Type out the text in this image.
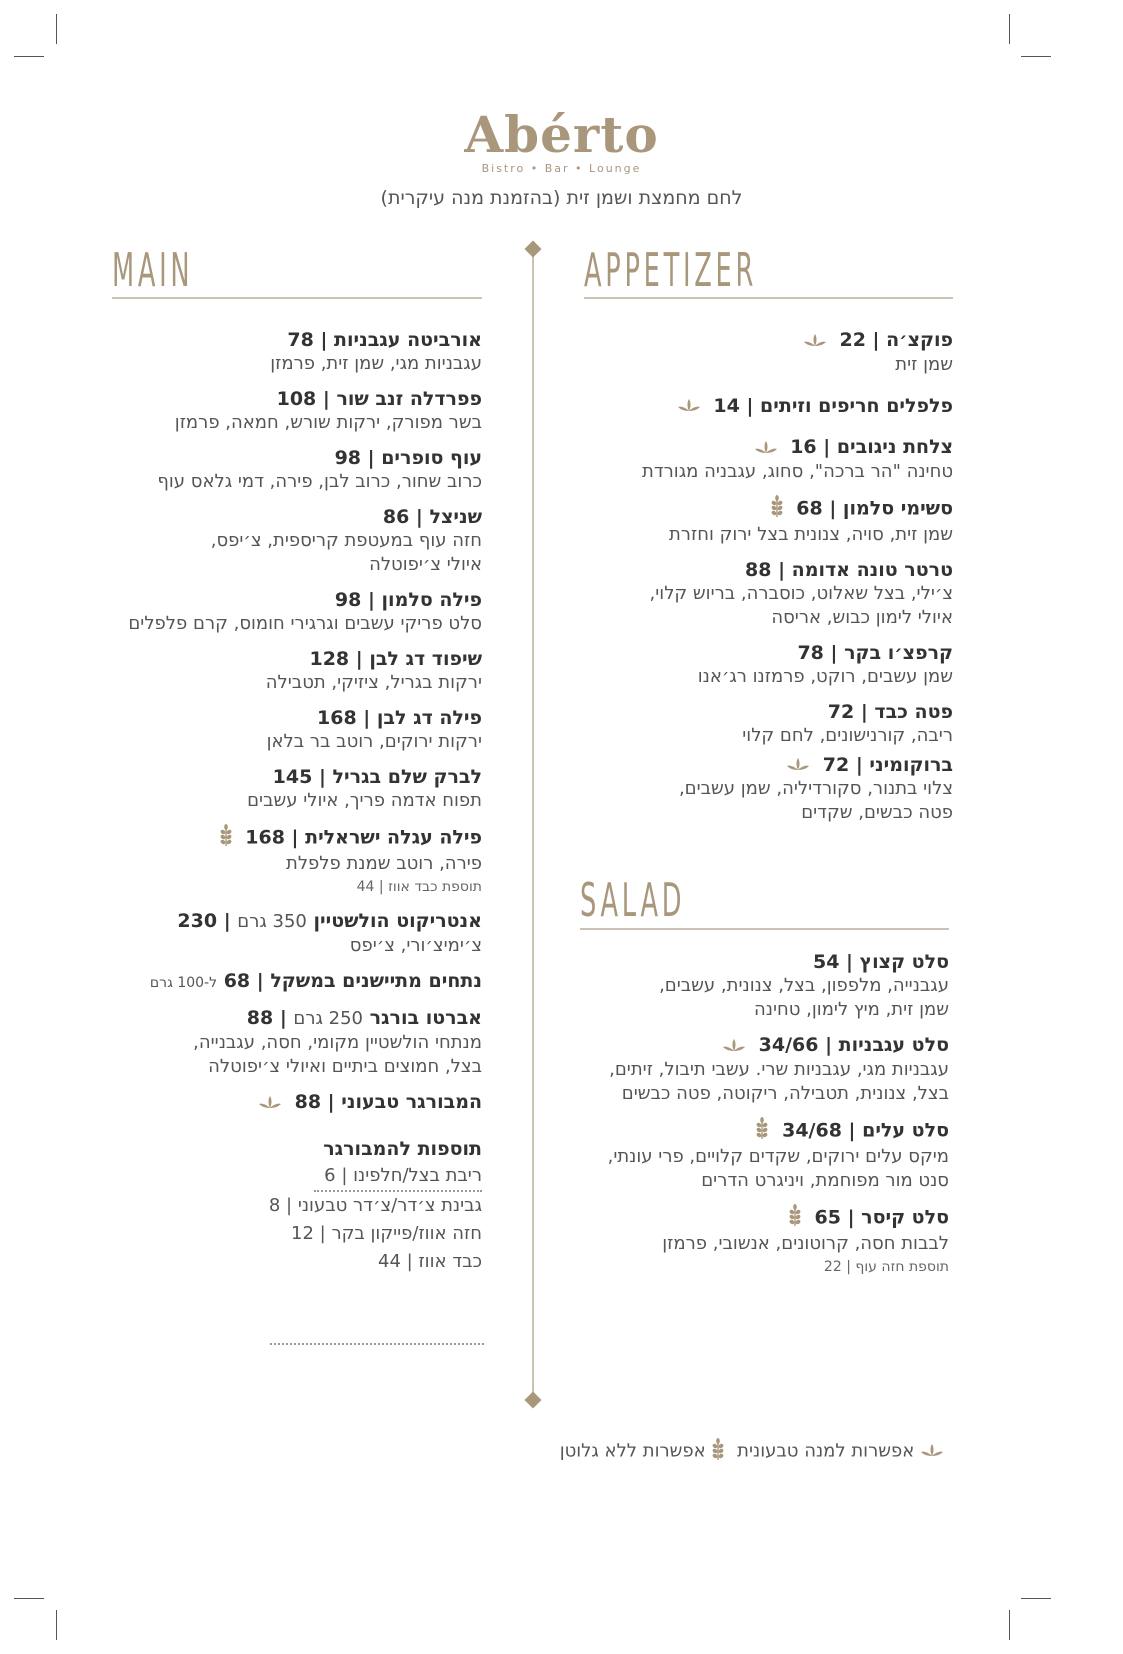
Abérto
Bistro • Bar • Lounge
לחם מחמצת ושמן זית (בהזמנת מנה עיקרית)
MAIN	APPETIZER
SALAD
אורביטה עגבניות | 78
עגבניות מגי, שמן זית, פרמזן
פפרדלה זנב שור | 108
בשר מפורק, ירקות שורש, חמאה, פרמזן
עוף סופרים | 98
כרוב שחור, כרוב לבן, פירה, דמי גלאס עוף
שניצל | 86
חזה עוף במעטפת קריספית, צ׳יפס,
איולי צ׳יפוטלה
פילה סלמון | 98
סלט פריקי עשבים וגרגירי חומוס, קרם פלפלים
שיפוד דג לבן | 128
ירקות בגריל, ציזיקי, תטבילה
פילה דג לבן | 168
ירקות ירוקים, רוטב בר בלאן
לברק שלם בגריל | 145
תפוח אדמה פריך, איולי עשבים
פילה עגלה ישראלית | 168
פירה, רוטב שמנת פלפלת
תוספת כבד אווז | 44
אנטריקוט הולשטיין 350 גרם | 230
צ׳ימיצ׳ורי, צ׳יפס
נתחים מתיישנים במשקל | 68 ל-100 גרם
אברטו בורגר 250 גרם | 88
מנתחי הולשטיין מקומי, חסה, עגבנייה,
בצל, חמוצים ביתיים ואיולי צ׳יפוטלה
המבורגר טבעוני | 88
תוספות להמבורגר
ריבת בצל/חלפינו | 6
גבינת צ׳דר/צ׳דר טבעוני | 8
חזה אווז/פייקון בקר | 12
כבד אווז | 44
פוקצ׳ה | 22
שמן זית
פלפלים חריפים וזיתים | 14
צלחת ניגובים | 16
טחינה "הר ברכה", סחוג, עגבניה מגורדת
סשימי סלמון | 68
שמן זית, סויה, צנונית בצל ירוק וחזרת
טרטר טונה אדומה | 88
צ׳ילי, בצל שאלוט, כוסברה, בריוש קלוי,
איולי לימון כבוש, אריסה
קרפצ׳ו בקר | 78
שמן עשבים, רוקט, פרמזנו רג׳אנו
פטה כבד | 72
ריבה, קורנישונים, לחם קלוי
ברוקומיני | 72
צלוי בתנור, סקורדיליה, שמן עשבים,
פטה כבשים, שקדים
סלט קצוץ | 54
עגבנייה, מלפפון, בצל, צנונית, עשבים,
שמן זית, מיץ לימון, טחינה
סלט עגבניות | 34/66
עגבניות מגי, עגבניות שרי. עשבי תיבול, זיתים,
בצל, צנונית, תטבילה, ריקוטה, פטה כבשים
סלט עלים | 34/68
מיקס עלים ירוקים, שקדים קלויים, פרי עונתי,
סנט מור מפוחמת, ויניגרט הדרים
סלט קיסר | 65
לבבות חסה, קרוטונים, אנשובי, פרמזן
תוספת חזה עוף | 22
אפשרות למנה טבעונית  אפשרות ללא גלוטן
